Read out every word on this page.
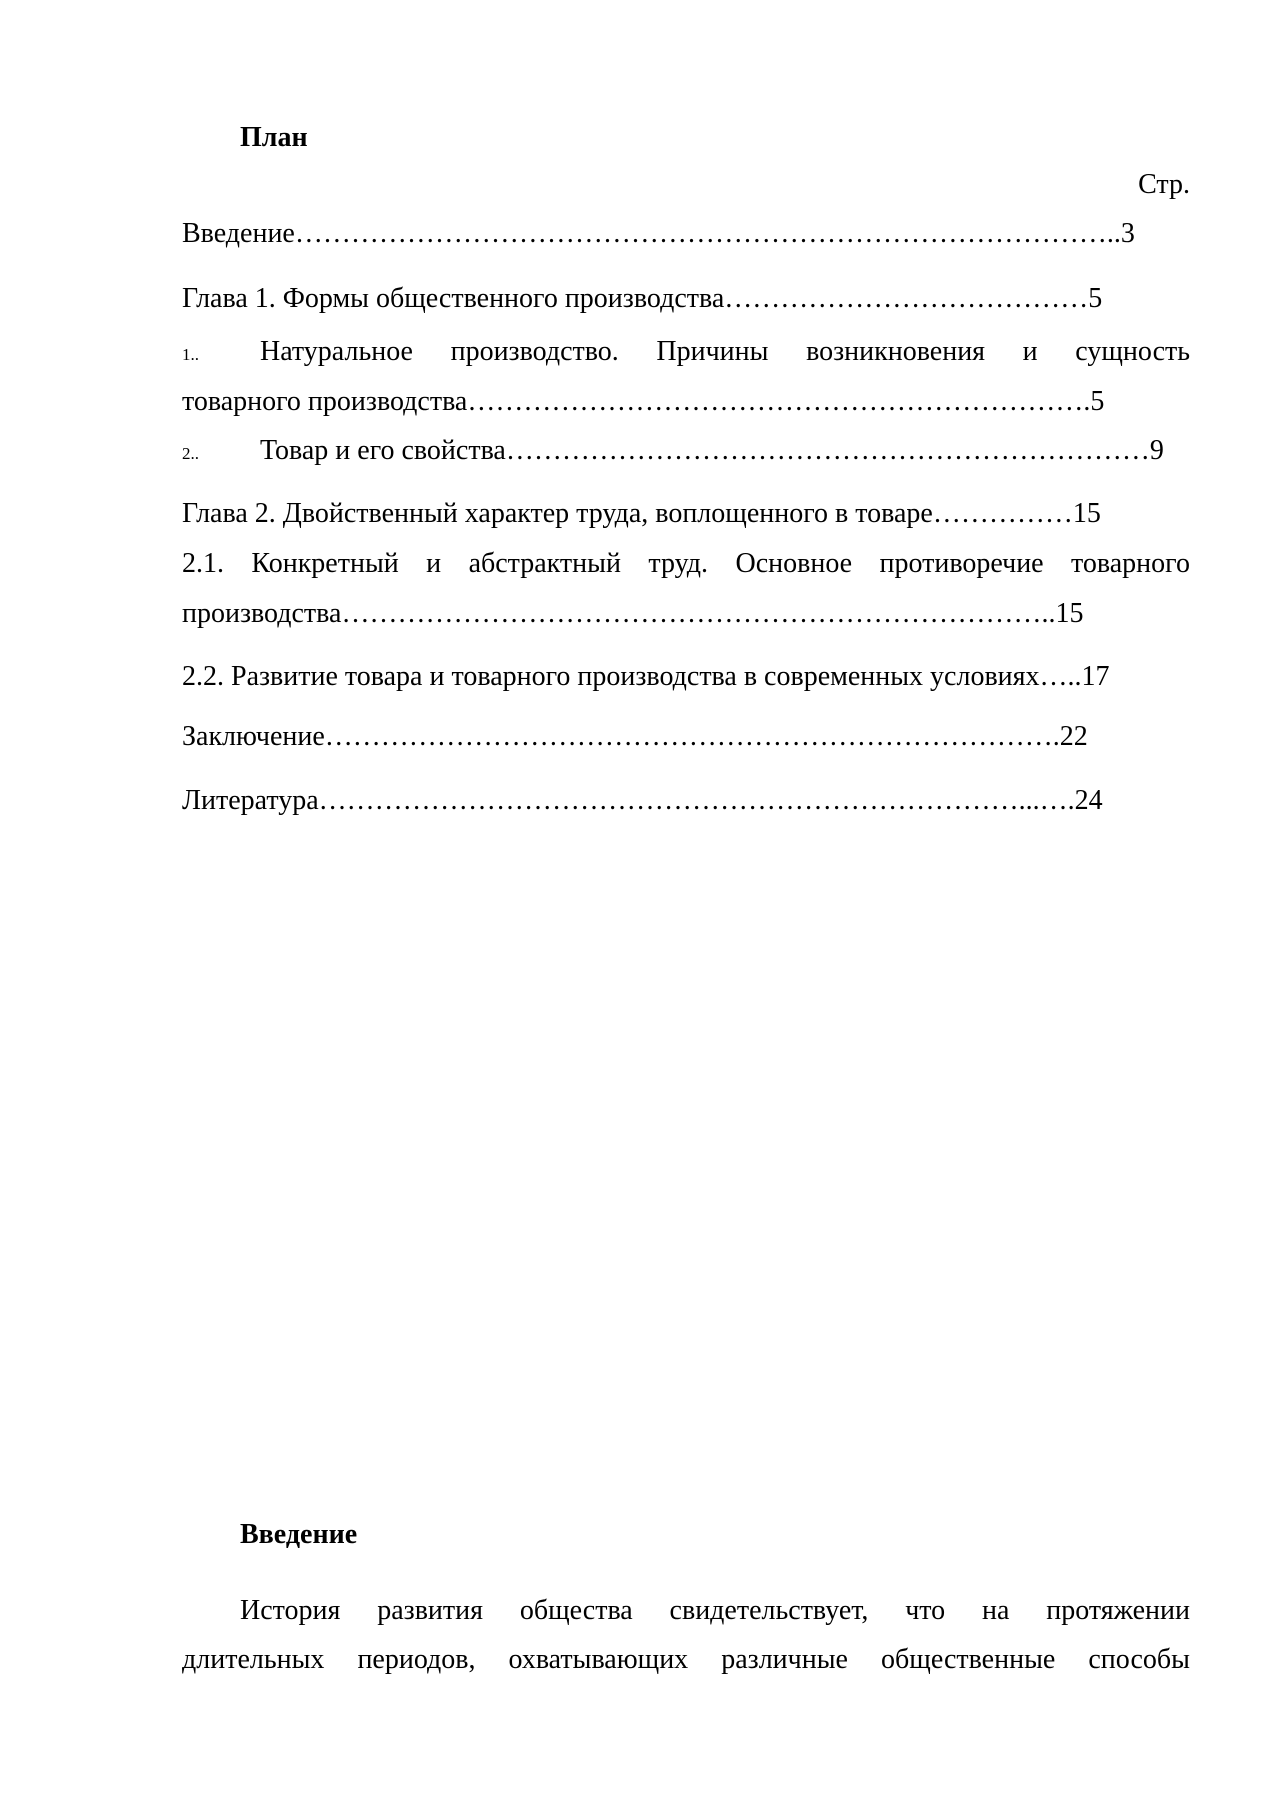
План
Стр.
Введение……………………………………………………………………………..3
Глава 1. Формы общественного производства…………………………………5
1.. Натуральное производство. Причины возникновения и сущность
товарного производства………………………………………………………….5
2.. Товар и его свойства……………………………………………………………9
Глава 2. Двойственный характер труда, воплощенного в товаре……………15
2.1. Конкретный и абстрактный труд. Основное противоречие товарного
производства…………………………………………………………………..15
2.2. Развитие товара и товарного производства в современных условиях…..17
Заключение…………………………………………………………………….22
Литература…………………………………………………………………...….24
Введение
История развития общества свидетельствует, что на протяжении
длительных периодов, охватывающих различные общественные способы
